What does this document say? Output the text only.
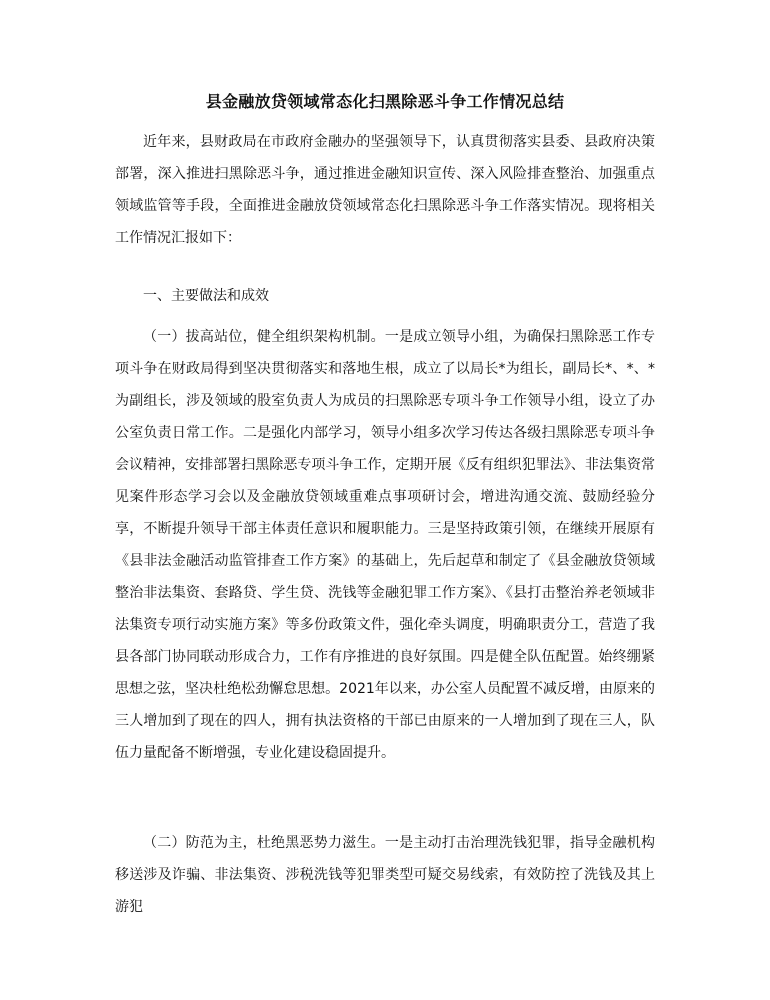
县金融放贷领域常态化扫黑除恶斗争工作情况总结

近年来，县财政局在市政府金融办的坚强领导下，认真贯彻落实县委、县政府决策部署，深入推进扫黑除恶斗争，通过推进金融知识宣传、深入风险排查整治、加强重点领域监管等手段，全面推进金融放贷领域常态化扫黑除恶斗争工作落实情况。现将相关工作情况汇报如下：

一、主要做法和成效

（一）拔高站位，健全组织架构机制。一是成立领导小组，为确保扫黑除恶工作专项斗争在财政局得到坚决贯彻落实和落地生根，成立了以局长*为组长，副局长*、*、*为副组长，涉及领域的股室负责人为成员的扫黑除恶专项斗争工作领导小组，设立了办公室负责日常工作。二是强化内部学习，领导小组多次学习传达各级扫黑除恶专项斗争会议精神，安排部署扫黑除恶专项斗争工作，定期开展《反有组织犯罪法》、非法集资常见案件形态学习会以及金融放贷领域重难点事项研讨会，增进沟通交流、鼓励经验分享，不断提升领导干部主体责任意识和履职能力。三是坚持政策引领，在继续开展原有《县非法金融活动监管排查工作方案》的基础上，先后起草和制定了《县金融放贷领域整治非法集资、套路贷、学生贷、洗钱等金融犯罪工作方案》、《县打击整治养老领域非法集资专项行动实施方案》等多份政策文件，强化牵头调度，明确职责分工，营造了我县各部门协同联动形成合力，工作有序推进的良好氛围。四是健全队伍配置。始终绷紧思想之弦，坚决杜绝松劲懈怠思想。2021年以来，办公室人员配置不减反增，由原来的三人增加到了现在的四人，拥有执法资格的干部已由原来的一人增加到了现在三人，队伍力量配备不断增强，专业化建设稳固提升。

（二）防范为主，杜绝黑恶势力滋生。一是主动打击治理洗钱犯罪，指导金融机构移送涉及诈骗、非法集资、涉税洗钱等犯罪类型可疑交易线索，有效防控了洗钱及其上游犯
